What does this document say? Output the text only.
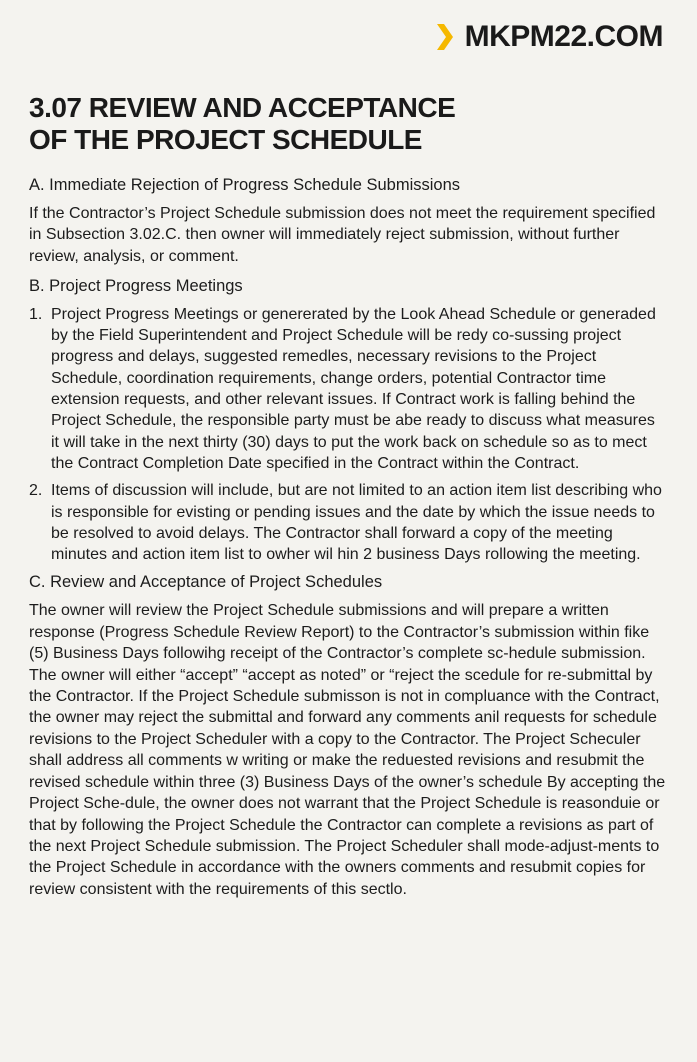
MKPM22.COM
3.07 REVIEW AND ACCEPTANCE
OF THE PROJECT SCHEDULE
A. Immediate Rejection of Progress Schedule Submissions

If the Contractor’s Project Schedule submission does not meet the requirement specified in Subsection 3.02.C. then owner will immediately reject submission, without further review, analysis, or comment.

B. Project Progress Meetings
1. Project Progress Meetings or genererated by the Look Ahead Schedule or generaded by the Field Superintendent and Project Schedule will be redy co-sussing project progress and delays, suggested remedles, necessary revisions to the Project Schedule, coordination requirements, change orders, potential Contractor time extension requests, and other relevant issues. If Contract work is falling behind the Project Schedule, the responsible party must be abe ready to discuss what measures it will take in the next thirty (30) days to put the work back on schedule so as to mect the Contract Completion Date specified in the Contract within the Contract.
2. Items of discussion will include, but are not limited to an action item list describing who is responsible for evisting or pending issues and the date by which the issue needs to be resolved to avoid delays. The Contractor shall forward a copy of the meeting minutes and action item list to owher wil hin 2 business Days rollowing the meeting.
C. Review and Acceptance of Project Schedules

The owner will review the Project Schedule submissions and will prepare a written response (Progress Schedule Review Report) to the Contractor’s submission within fike (5) Business Days followihg receipt of the Contractor’s complete sc-hedule submission. The owner will either “accept” “accept as noted” or “reject the scedule for re-submittal by the Contractor. If the Project Schedule submisson is not in compluance with the Contract, the owner may reject the submittal and forward any comments anil requests for schedule revisions to the Project Scheduler with a copy to the Contractor. The Project Scheculer shall address all comments w writing or make the reduested revisions and resubmit the revised schedule within three (3) Business Days of the owner’s schedule By accepting the Project Sche-dule, the owner does not warrant that the Project Schedule is reasonduie or that by following the Project Schedule the Contractor can complete a revisions as part of the next Project Schedule submission. The Project Scheduler shall mode-adjust-ments to the Project Schedule in accordance with the owners comments and resubmit copies for review consistent with the requirements of this sectlo.
